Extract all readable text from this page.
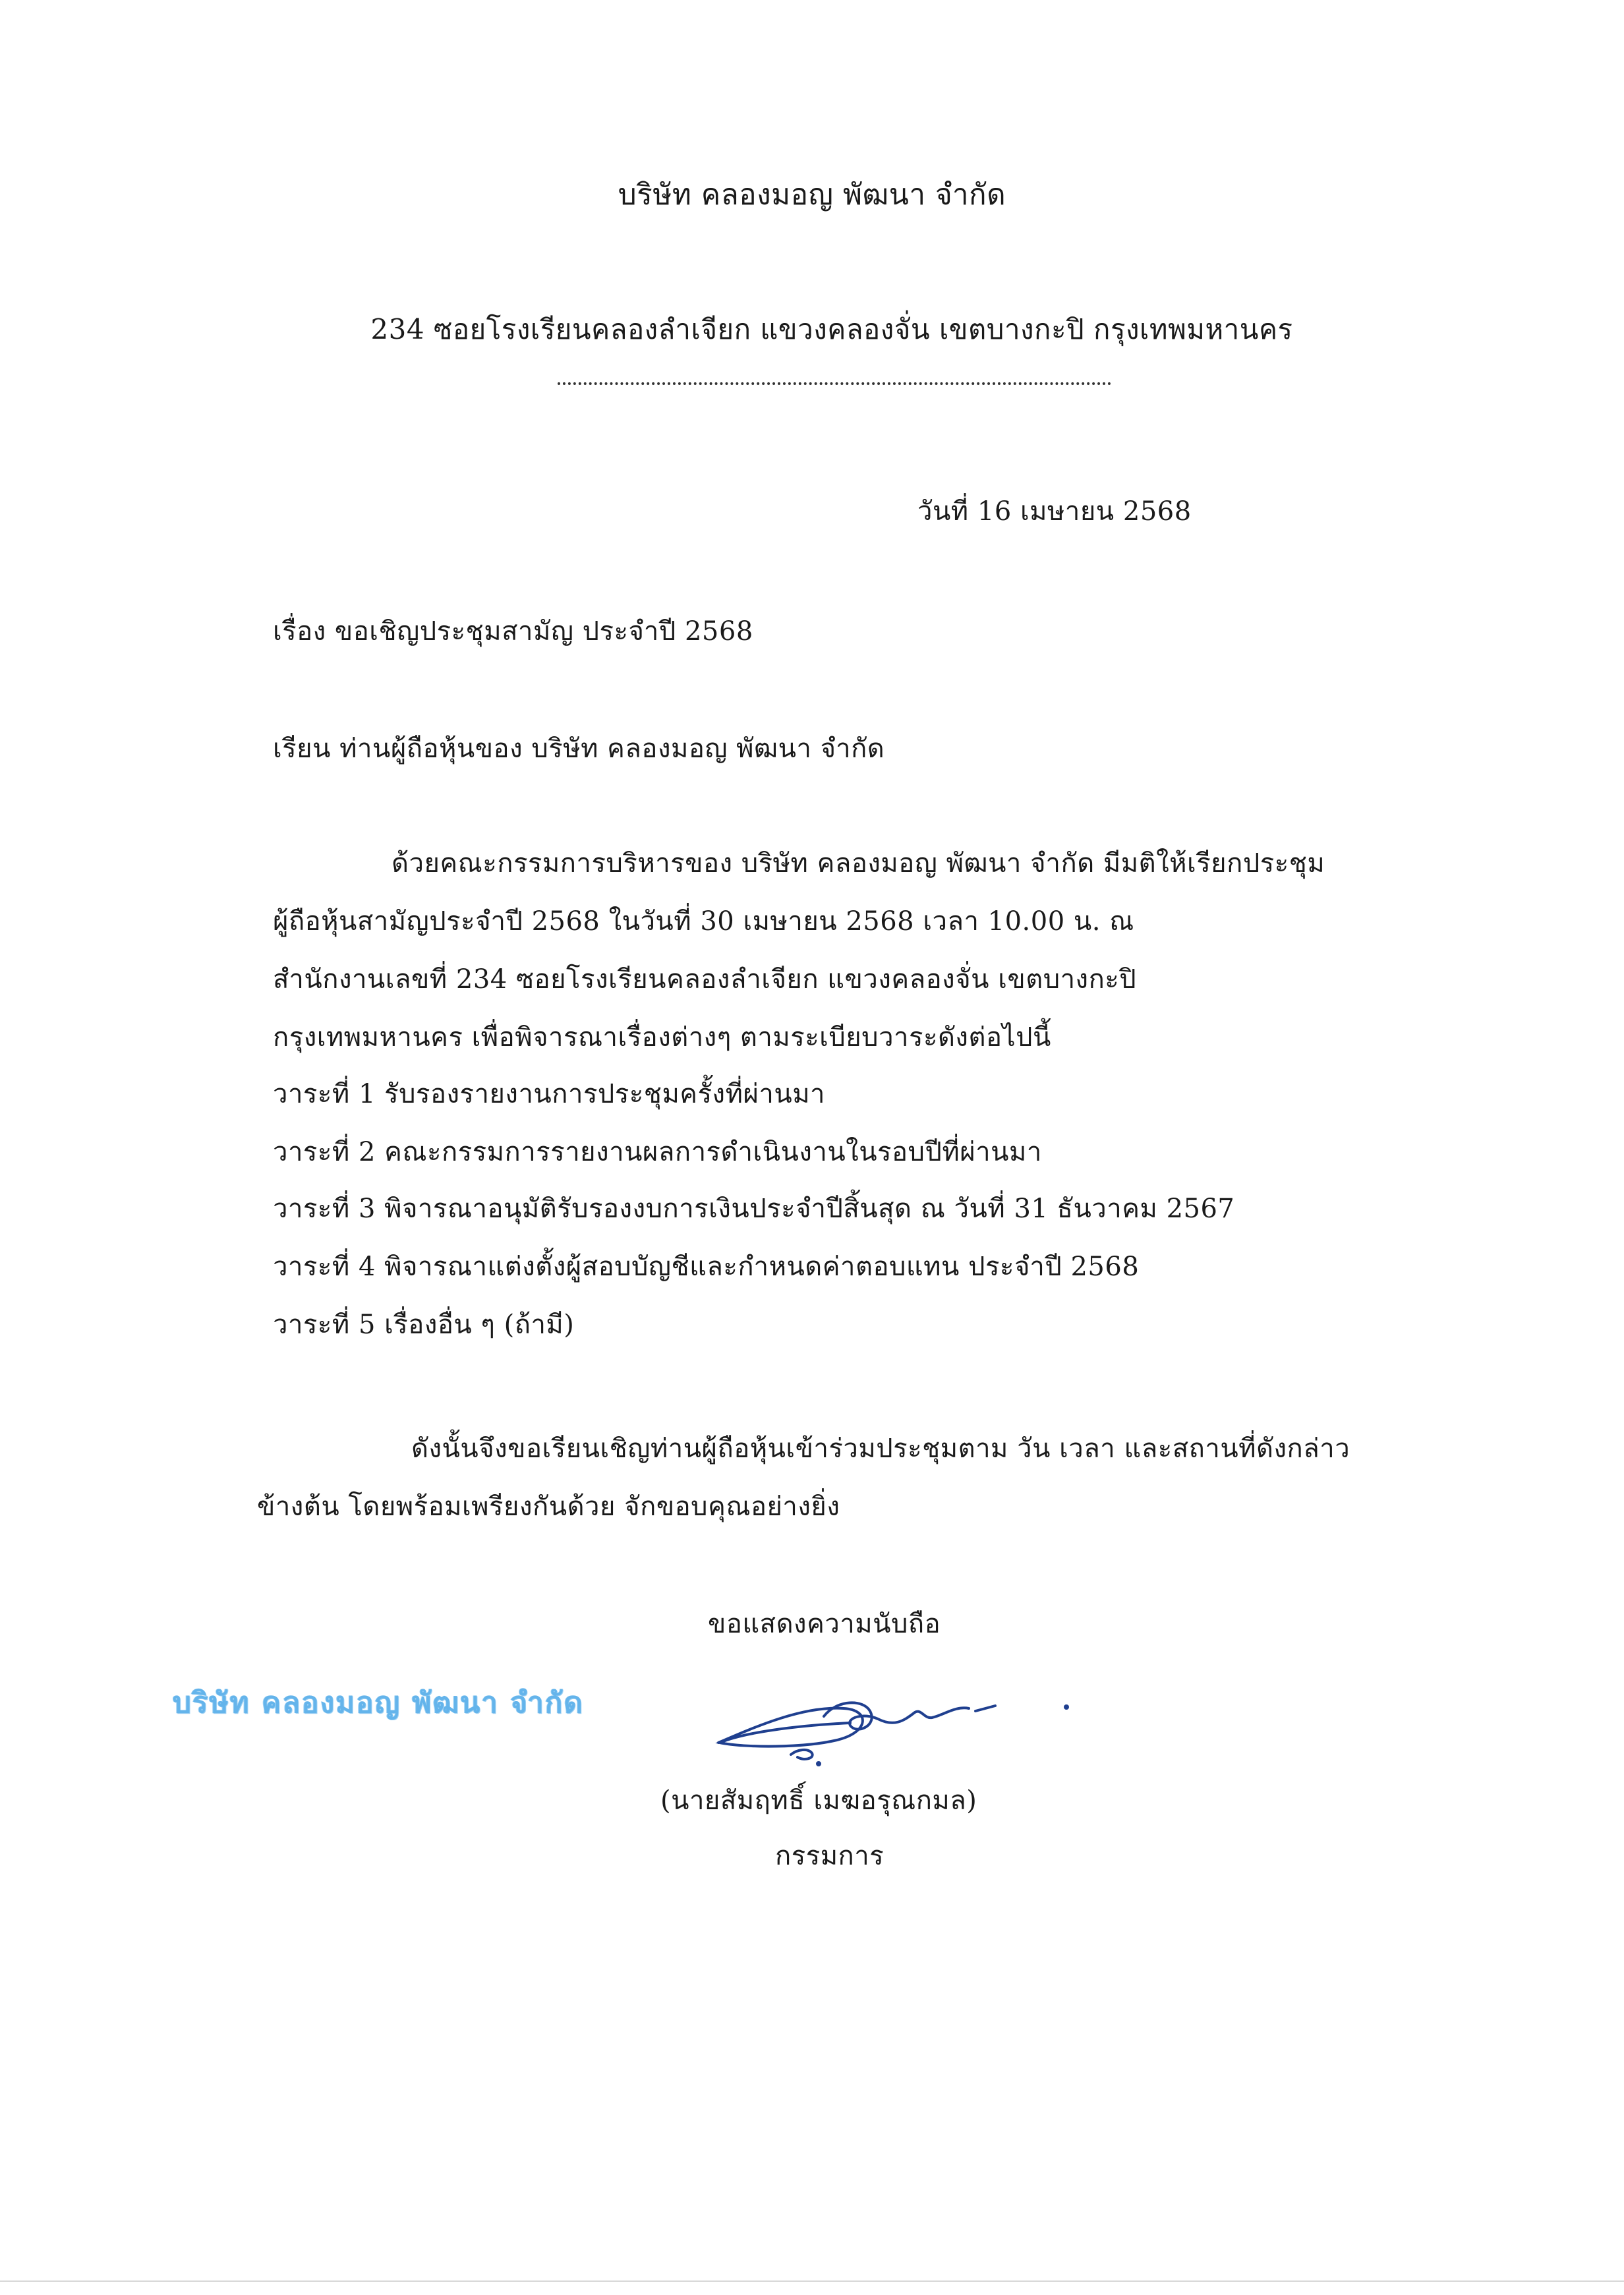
บริษัท คลองมอญ พัฒนา จำกัด
234 ซอยโรงเรียนคลองลำเจียก แขวงคลองจั่น เขตบางกะปิ กรุงเทพมหานคร
วันที่ 16 เมษายน 2568
เรื่อง ขอเชิญประชุมสามัญ ประจำปี 2568
เรียน ท่านผู้ถือหุ้นของ บริษัท คลองมอญ พัฒนา จำกัด
ด้วยคณะกรรมการบริหารของ บริษัท คลองมอญ พัฒนา จำกัด มีมติให้เรียกประชุม
ผู้ถือหุ้นสามัญประจำปี 2568 ในวันที่ 30 เมษายน 2568 เวลา 10.00 น. ณ
สำนักงานเลขที่ 234 ซอยโรงเรียนคลองลำเจียก แขวงคลองจั่น เขตบางกะปิ
กรุงเทพมหานคร เพื่อพิจารณาเรื่องต่างๆ ตามระเบียบวาระดังต่อไปนี้
วาระที่ 1 รับรองรายงานการประชุมครั้งที่ผ่านมา
วาระที่ 2 คณะกรรมการรายงานผลการดำเนินงานในรอบปีที่ผ่านมา
วาระที่ 3 พิจารณาอนุมัติรับรองงบการเงินประจำปีสิ้นสุด ณ วันที่ 31 ธันวาคม 2567
วาระที่ 4 พิจารณาแต่งตั้งผู้สอบบัญชีและกำหนดค่าตอบแทน ประจำปี 2568
วาระที่ 5 เรื่องอื่น ๆ (ถ้ามี)
ดังนั้นจึงขอเรียนเชิญท่านผู้ถือหุ้นเข้าร่วมประชุมตาม วัน เวลา และสถานที่ดังกล่าว
ข้างต้น โดยพร้อมเพรียงกันด้วย จักขอบคุณอย่างยิ่ง
ขอแสดงความนับถือ
บริษัท คลองมอญ พัฒนา จำกัด
(นายสัมฤทธิ์ เมฆอรุณกมล)
กรรมการ
